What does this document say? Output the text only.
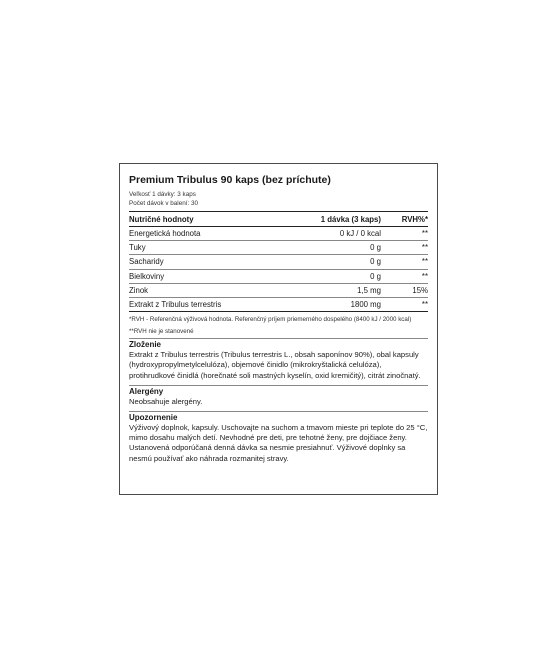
Premium Tribulus 90 kaps (bez príchute)
Veľkosť 1 dávky: 3 kaps
Počet dávok v balení: 30
Nutričné hodnoty	1 dávka (3 kaps)	RVH%*
Energetická hodnota	0 kJ / 0 kcal	**
Tuky	0 g	**
Sacharidy	0 g	**
Bielkoviny	0 g	**
Zinok	1,5 mg	15%
Extrakt z Tribulus terrestris	1800 mg	**
*RVH - Referenčná výživová hodnota. Referenčný príjem priemerného dospelého (8400 kJ / 2000 kcal)
**RVH nie je stanovené
Zloženie
Extrakt z Tribulus terrestris (Tribulus terrestris L., obsah saponínov 90%), obal kapsuly (hydroxypropylmetylcelulóza), objemové činidlo (mikrokryštalická celulóza), protihrudkové činidlá (horečnaté soli mastných kyselín, oxid kremičitý), citrát zinočnatý.
Alergény
Neobsahuje alergény.
Upozornenie
Výživový doplnok, kapsuly. Uschovajte na suchom a tmavom mieste pri teplote do 25 °C, mimo dosahu malých detí. Nevhodné pre deti, pre tehotné ženy, pre dojčiace ženy. Ustanovená odporúčaná denná dávka sa nesmie presiahnuť. Výživové doplnky sa nesmú používať ako náhrada rozmanitej stravy.
